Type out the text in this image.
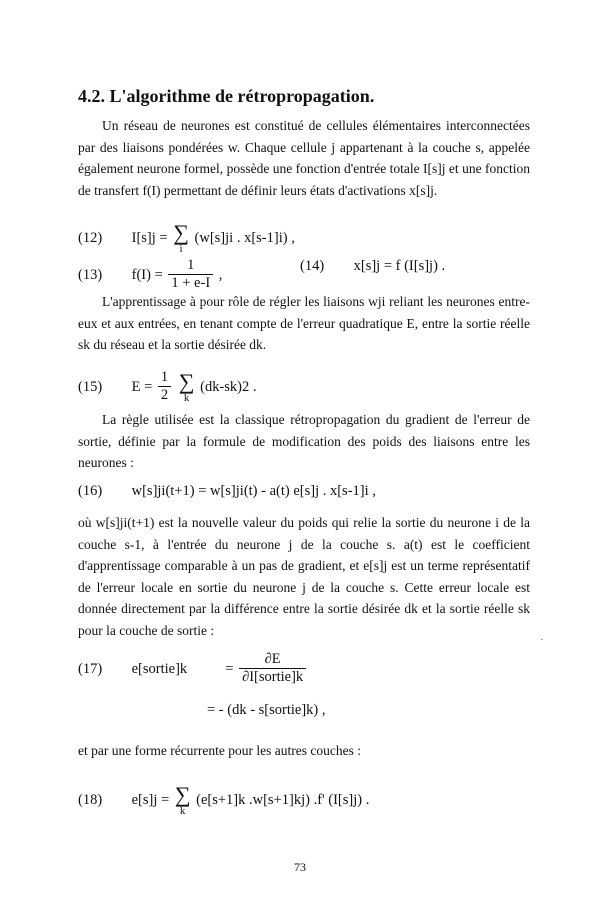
4.2. L'algorithme de rétropropagation.
Un réseau de neurones est constitué de cellules élémentaires interconnectées par des liaisons pondérées w. Chaque cellule j appartenant à la couche s, appelée également neurone formel, possède une fonction d'entrée totale I[s]j et une fonction de transfert f(I) permettant de définir leurs états d'activations x[s]j.
(12) I[s]j = ∑
i
(w[s]ji . x[s-1]i) ,
(13) $f(I) = \frac{1}{1 + e-I}$ ,
(14) x[s]j = f (I[s]j) .
L'apprentissage à pour rôle de régler les liaisons wji reliant les neurones entre-eux et aux entrées, en tenant compte de l'erreur quadratique E, entre la sortie réelle sk du réseau et la sortie désirée dk.
(15) $E = \frac{1}{2}$
∑
k
(dk-sk)2 .
La règle utilisée est la classique rétropropagation du gradient de l'erreur de sortie, définie par la formule de modification des poids des liaisons entre les neurones :
(16) w[s]ji(t+1) = w[s]ji(t) - a(t) e[s]j . x[s-1]i ,
où w[s]ji(t+1) est la nouvelle valeur du poids qui relie la sortie du neurone i de la couche s-1, à l'entrée du neurone j de la couche s. a(t) est le coefficient d'apprentissage comparable à un pas de gradient, et e[s]j est un terme représentatif de l'erreur locale en sortie du neurone j de la couche s. Cette erreur locale est donnée directement par la différence entre la sortie désirée dk et la sortie réelle sk pour la couche de sortie :
(17) e[sortie]k	= $\frac{\partial E}{\text{∂I[sortie]k}}$
= - (dk - s[sortie]k) ,
et par une forme récurrente pour les autres couches :
(18) e[s]j = ∑
k
(e[s+1]k .w[s+1]kj) .f' (I[s]j) .
·
73
